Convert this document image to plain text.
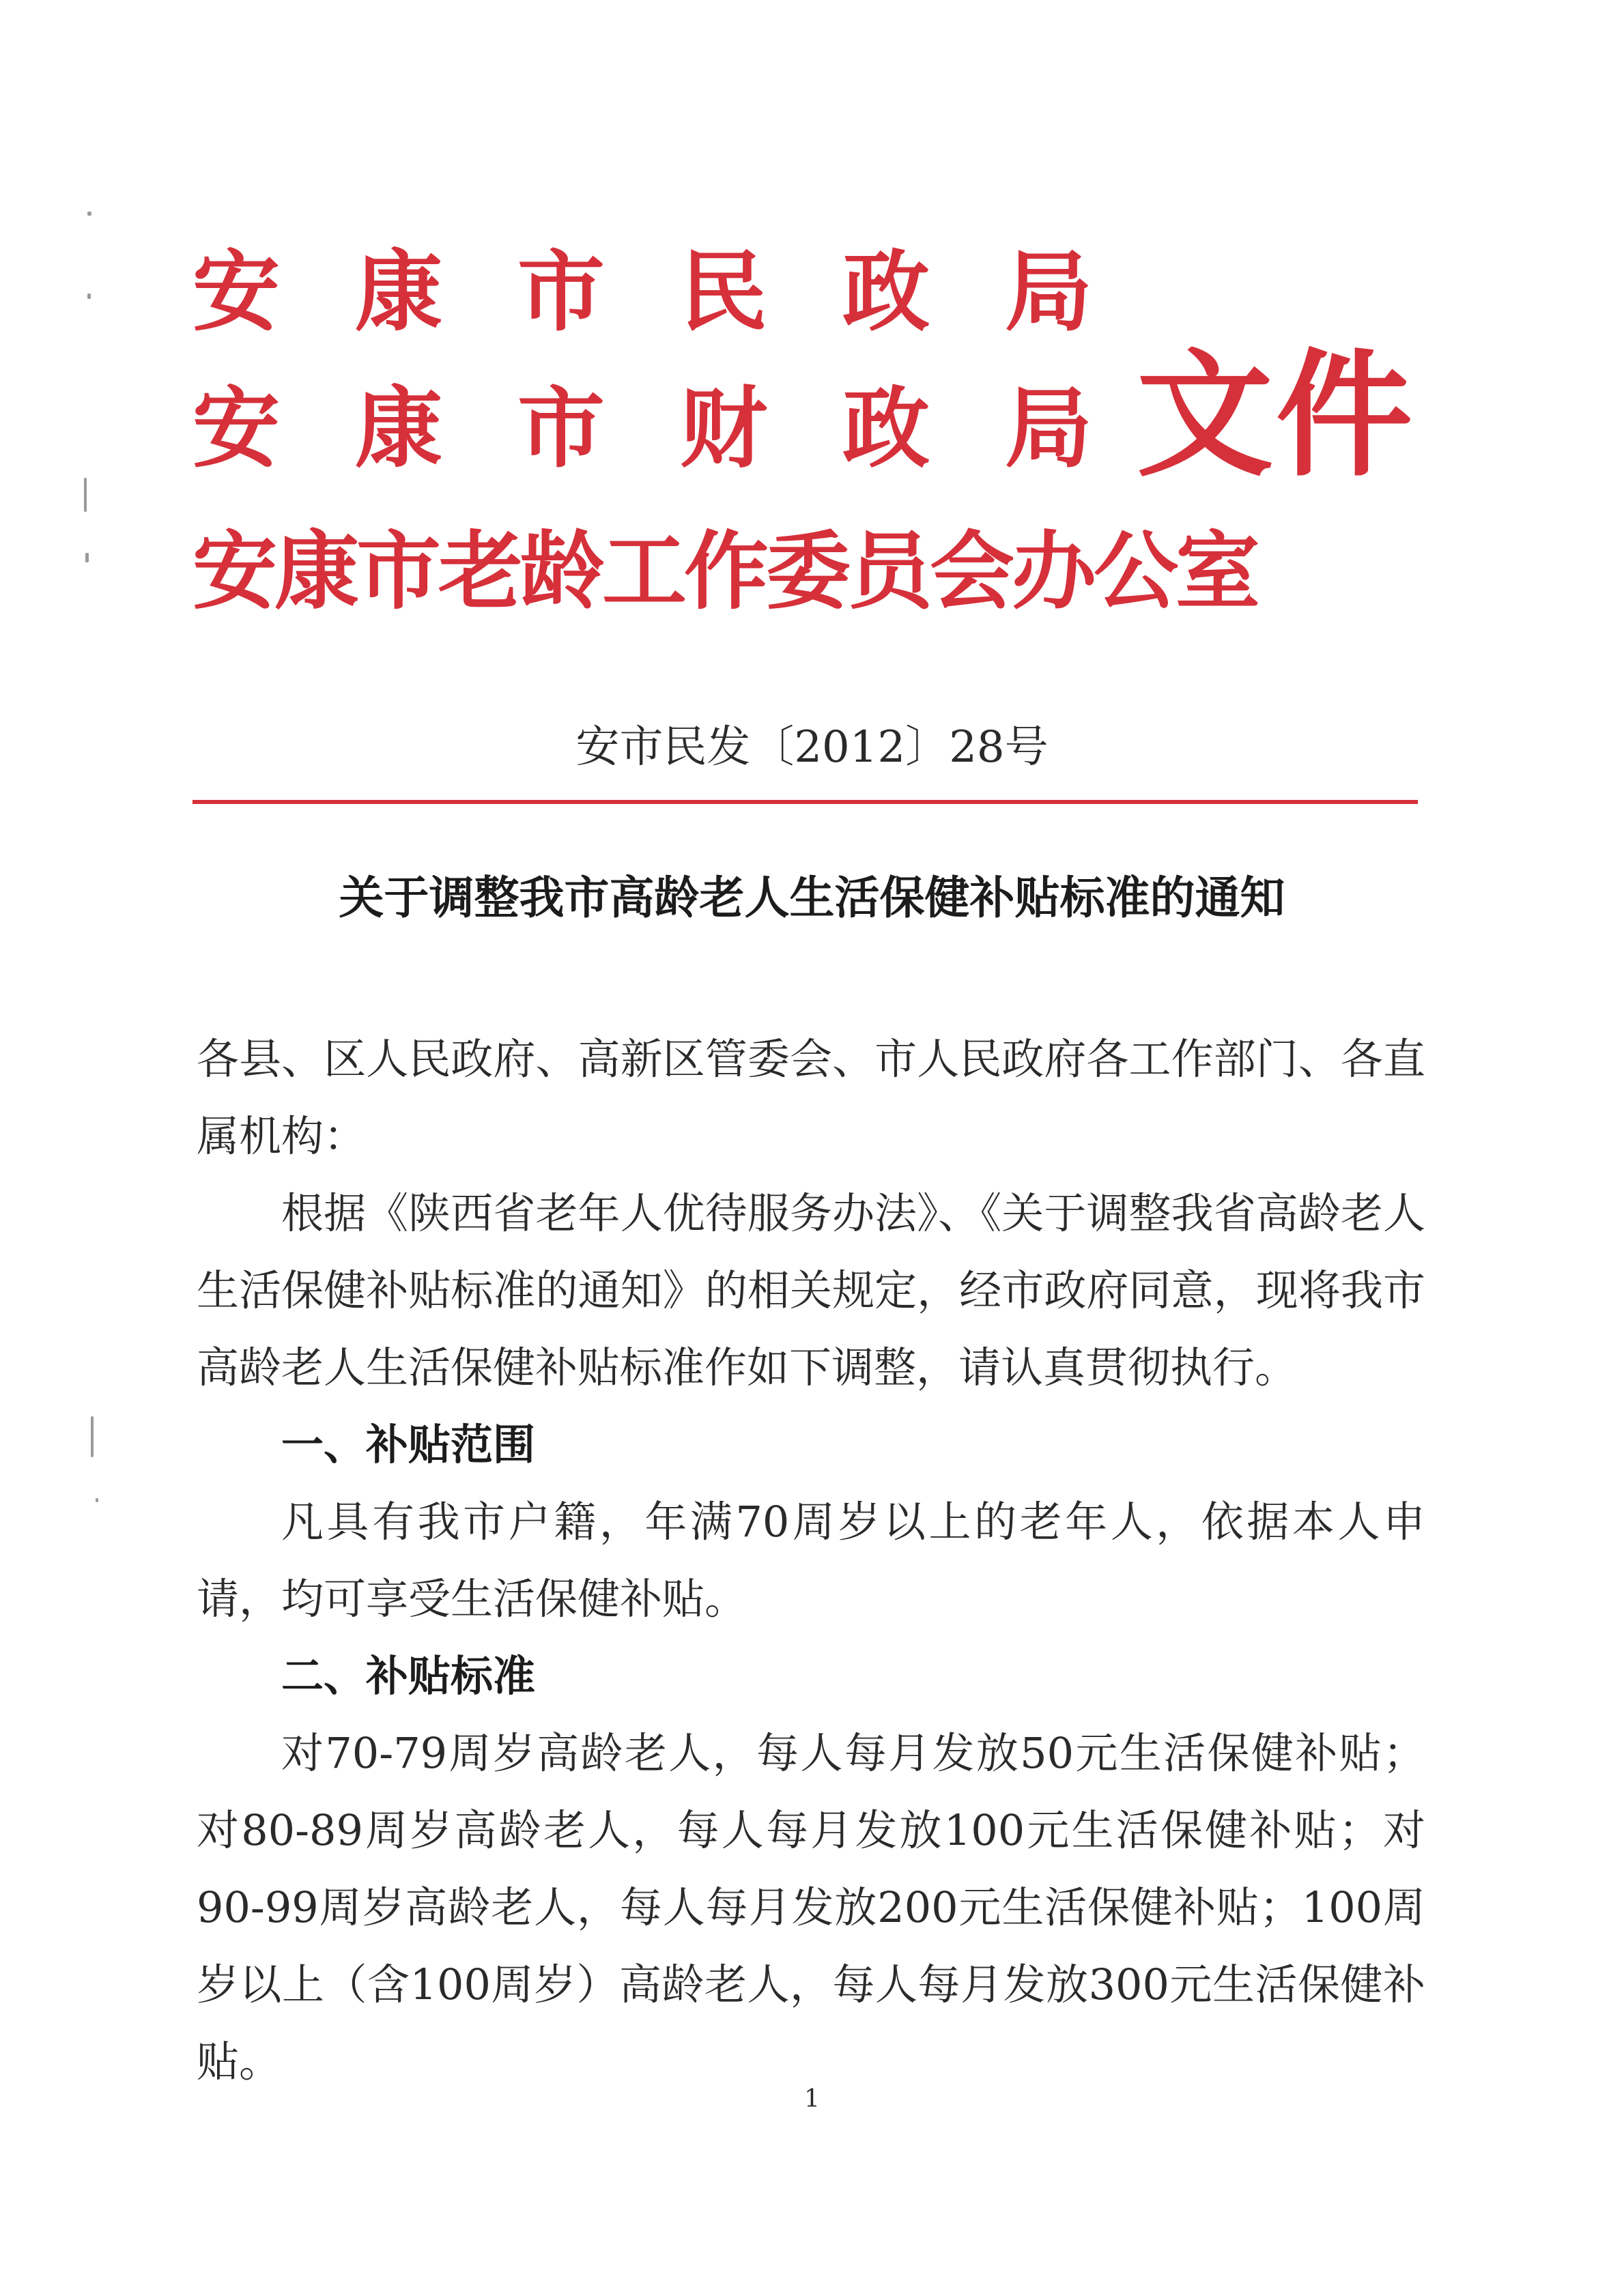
安康市民政局
安康市财政局
安康市老龄工作委员会办公室
文件
安市民发〔2012〕28号
关于调整我市高龄老人生活保健补贴标准的通知

各县、区人民政府、高新区管委会、市人民政府各工作部门、各直属机构：

根据《陕西省老年人优待服务办法》、《关于调整我省高龄老人生活保健补贴标准的通知》的相关规定，经市政府同意，现将我市高龄老人生活保健补贴标准作如下调整，请认真贯彻执行。

一、补贴范围

凡具有我市户籍，年满70周岁以上的老年人，依据本人申请，均可享受生活保健补贴。

二、补贴标准

对70-79周岁高龄老人，每人每月发放50元生活保健补贴；对80-89周岁高龄老人，每人每月发放100元生活保健补贴；对90-99周岁高龄老人，每人每月发放200元生活保健补贴；100周岁以上（含100周岁）高龄老人，每人每月发放300元生活保健补贴。

1
